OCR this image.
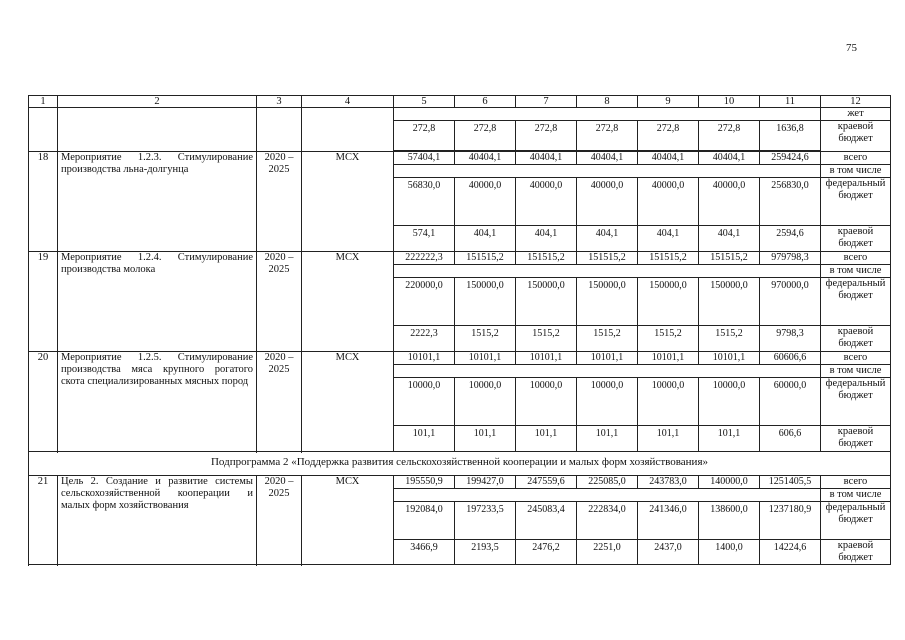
75
1	2	3	4	5	6	7	8	9	10	11	12
											жет
				272,8	272,8	272,8	272,8	272,8	272,8	1636,8	краевой бюджет

18	Мероприятие 1.2.3. Стимулирование производства льна-долгунца	2020 – 2025	МСХ	57404,1	40404,1	40404,1	40404,1	40404,1	40404,1	259424,6	всего
											в том числе
				56830,0	40000,0	40000,0	40000,0	40000,0	40000,0	256830,0	федеральный бюджет
				574,1	404,1	404,1	404,1	404,1	404,1	2594,6	краевой бюджет

19	Мероприятие 1.2.4. Стимулирование производства молока	2020 – 2025	МСХ	222222,3	151515,2	151515,2	151515,2	151515,2	151515,2	979798,3	всего
											в том числе
				220000,0	150000,0	150000,0	150000,0	150000,0	150000,0	970000,0	федеральный бюджет
				2222,3	1515,2	1515,2	1515,2	1515,2	1515,2	9798,3	краевой бюджет

20	Мероприятие 1.2.5. Стимулирование производства мяса крупного рогатого скота специализированных мясных пород	2020 – 2025	МСХ	10101,1	10101,1	10101,1	10101,1	10101,1	10101,1	60606,6	всего
											в том числе
				10000,0	10000,0	10000,0	10000,0	10000,0	10000,0	60000,0	федеральный бюджет
				101,1	101,1	101,1	101,1	101,1	101,1	606,6	краевой бюджет

Подпрограмма 2 «Поддержка развития сельскохозяйственной кооперации и малых форм хозяйствования»											
21	Цель 2. Создание и развитие системы сельскохозяйственной кооперации и малых форм хозяйствования	2020 – 2025	МСХ	195550,9	199427,0	247559,6	225085,0	243783,0	140000,0	1251405,5	всего
											в том числе
				192084,0	197233,5	245083,4	222834,0	241346,0	138600,0	1237180,9	федеральный бюджет
				3466,9	2193,5	2476,2	2251,0	2437,0	1400,0	14224,6	краевой бюджет
